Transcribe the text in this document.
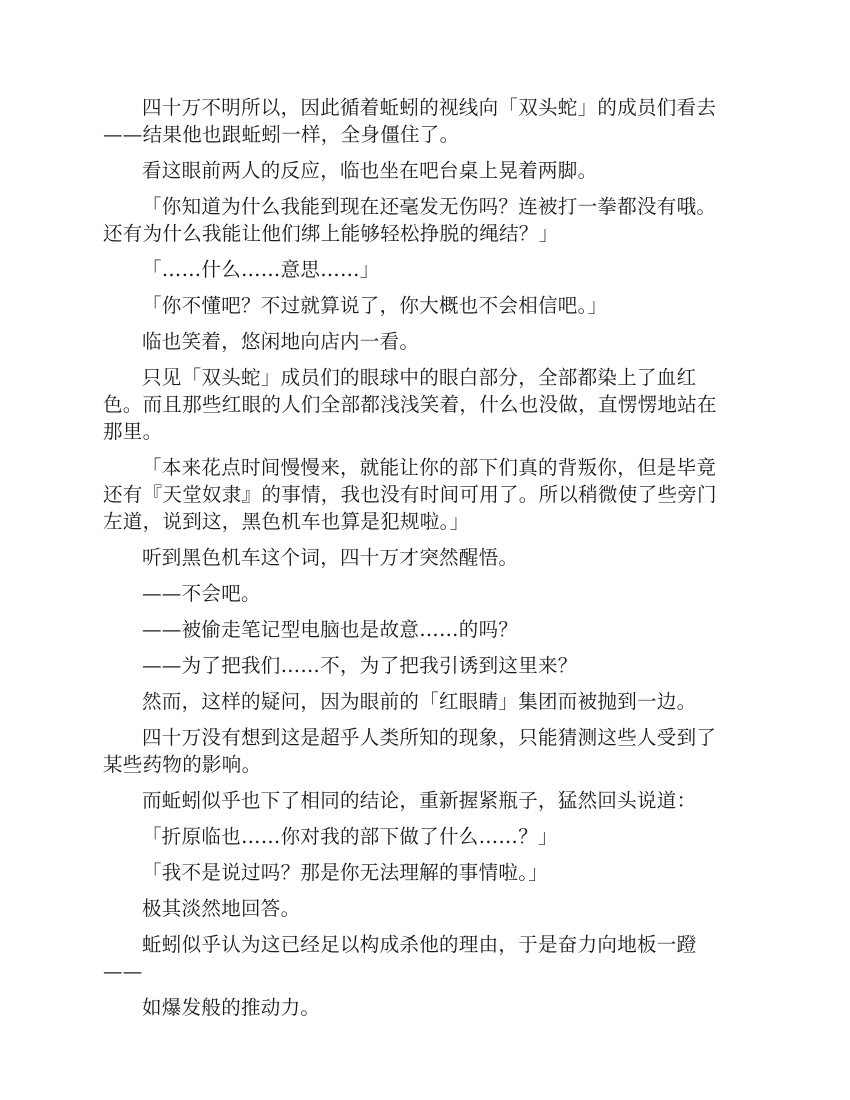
四十万不明所以，因此循着蚯蚓的视线向「双头蛇」的成员们看去
——结果他也跟蚯蚓一样，全身僵住了。

看这眼前两人的反应，临也坐在吧台桌上晃着两脚。

「你知道为什么我能到现在还毫发无伤吗？连被打一拳都没有哦。
还有为什么我能让他们绑上能够轻松挣脱的绳结？」

「……什么……意思……」

「你不懂吧？不过就算说了，你大概也不会相信吧。」

临也笑着，悠闲地向店内一看。

只见「双头蛇」成员们的眼球中的眼白部分，全部都染上了血红
色。而且那些红眼的人们全部都浅浅笑着，什么也没做，直愣愣地站在
那里。

「本来花点时间慢慢来，就能让你的部下们真的背叛你，但是毕竟
还有『天堂奴隶』的事情，我也没有时间可用了。所以稍微使了些旁门
左道，说到这，黑色机车也算是犯规啦。」

听到黑色机车这个词，四十万才突然醒悟。

——不会吧。

——被偷走笔记型电脑也是故意……的吗？

——为了把我们……不，为了把我引诱到这里来？

然而，这样的疑问，因为眼前的「红眼睛」集团而被抛到一边。

四十万没有想到这是超乎人类所知的现象，只能猜测这些人受到了
某些药物的影响。

而蚯蚓似乎也下了相同的结论，重新握紧瓶子，猛然回头说道：

「折原临也……你对我的部下做了什么……？」

「我不是说过吗？那是你无法理解的事情啦。」

极其淡然地回答。

蚯蚓似乎认为这已经足以构成杀他的理由，于是奋力向地板一蹬
——

如爆发般的推动力。
